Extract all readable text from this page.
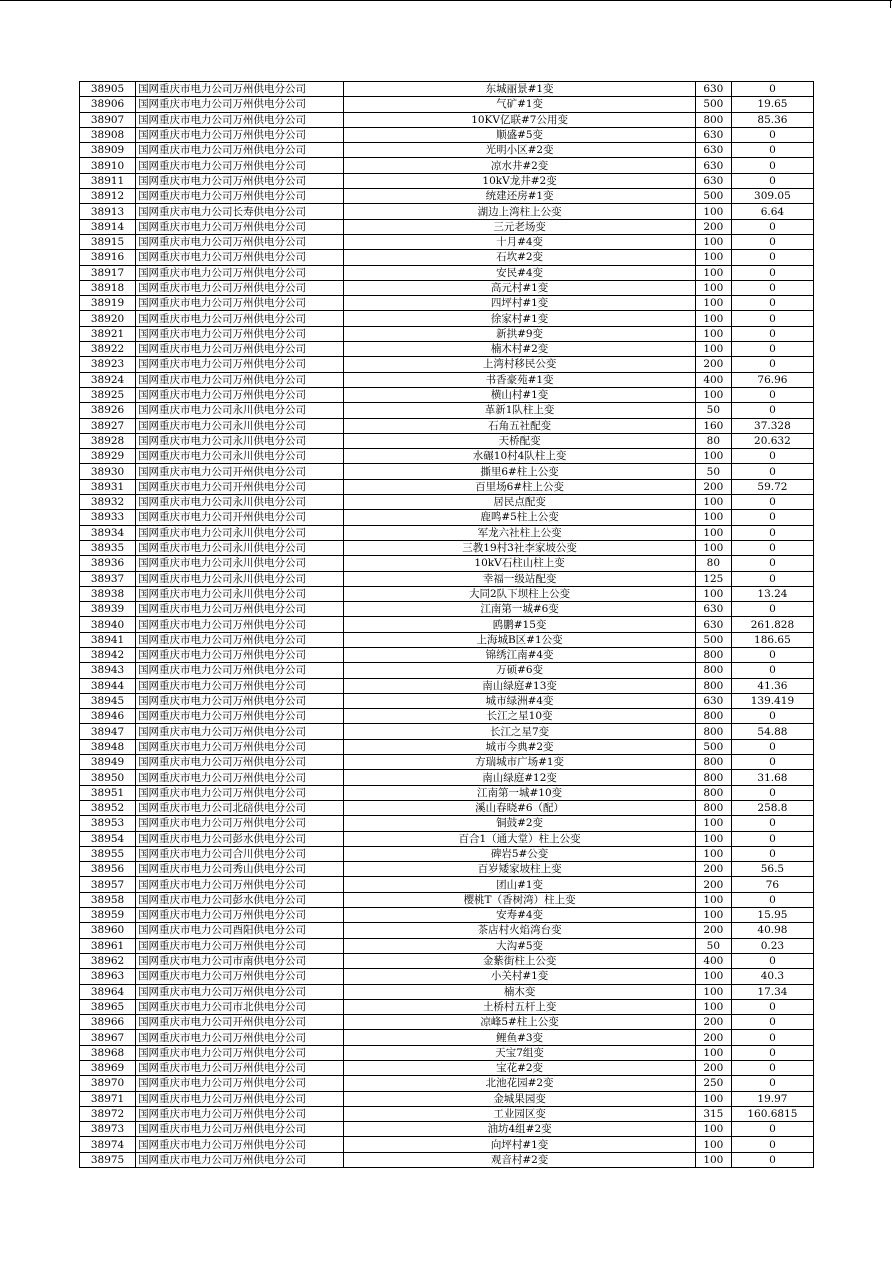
38905	国网重庆市电力公司万州供电分公司	东城丽景#1变	630	0
38906	国网重庆市电力公司万州供电分公司	气矿#1变	500	19.65
38907	国网重庆市电力公司万州供电分公司	10KV亿联#7公用变	800	85.36
38908	国网重庆市电力公司万州供电分公司	顺盛#5变	630	0
38909	国网重庆市电力公司万州供电分公司	光明小区#2变	630	0
38910	国网重庆市电力公司万州供电分公司	凉水井#2变	630	0
38911	国网重庆市电力公司万州供电分公司	10kV龙井#2变	630	0
38912	国网重庆市电力公司万州供电分公司	统建还房#1变	500	309.05
38913	国网重庆市电力公司长寿供电分公司	湖边上湾柱上公变	100	6.64
38914	国网重庆市电力公司万州供电分公司	三元老场变	200	0
38915	国网重庆市电力公司万州供电分公司	十月#4变	100	0
38916	国网重庆市电力公司万州供电分公司	石坎#2变	100	0
38917	国网重庆市电力公司万州供电分公司	安民#4变	100	0
38918	国网重庆市电力公司万州供电分公司	高元村#1变	100	0
38919	国网重庆市电力公司万州供电分公司	四坪村#1变	100	0
38920	国网重庆市电力公司万州供电分公司	徐家村#1变	100	0
38921	国网重庆市电力公司万州供电分公司	新拱#9变	100	0
38922	国网重庆市电力公司万州供电分公司	楠木村#2变	100	0
38923	国网重庆市电力公司万州供电分公司	上湾村移民公变	200	0
38924	国网重庆市电力公司万州供电分公司	书香豪苑#1变	400	76.96
38925	国网重庆市电力公司万州供电分公司	横山村#1变	100	0
38926	国网重庆市电力公司永川供电分公司	革新1队柱上变	50	0
38927	国网重庆市电力公司永川供电分公司	石角五社配变	160	37.328
38928	国网重庆市电力公司永川供电分公司	天桥配变	80	20.632
38929	国网重庆市电力公司永川供电分公司	水碾10村4队柱上变	100	0
38930	国网重庆市电力公司开州供电分公司	撕里6#柱上公变	50	0
38931	国网重庆市电力公司开州供电分公司	百里场6#柱上公变	200	59.72
38932	国网重庆市电力公司永川供电分公司	居民点配变	100	0
38933	国网重庆市电力公司开州供电分公司	鹿鸣#5柱上公变	100	0
38934	国网重庆市电力公司永川供电分公司	军龙六社柱上公变	100	0
38935	国网重庆市电力公司永川供电分公司	三教19村3社李家坡公变	100	0
38936	国网重庆市电力公司永川供电分公司	10kV石柱山柱上变	80	0
38937	国网重庆市电力公司永川供电分公司	幸福一级站配变	125	0
38938	国网重庆市电力公司永川供电分公司	大同2队下坝柱上公变	100	13.24
38939	国网重庆市电力公司万州供电分公司	江南第一城#6变	630	0
38940	国网重庆市电力公司万州供电分公司	鸥鹏#15变	630	261.828
38941	国网重庆市电力公司万州供电分公司	上海城B区#1公变	500	186.65
38942	国网重庆市电力公司万州供电分公司	锦绣江南#4变	800	0
38943	国网重庆市电力公司万州供电分公司	万硕#6变	800	0
38944	国网重庆市电力公司万州供电分公司	南山绿庭#13变	800	41.36
38945	国网重庆市电力公司万州供电分公司	城市绿洲#4变	630	139.419
38946	国网重庆市电力公司万州供电分公司	长江之星10变	800	0
38947	国网重庆市电力公司万州供电分公司	长江之星7变	800	54.88
38948	国网重庆市电力公司万州供电分公司	城市今典#2变	500	0
38949	国网重庆市电力公司万州供电分公司	方瑞城市广场#1变	800	0
38950	国网重庆市电力公司万州供电分公司	南山绿庭#12变	800	31.68
38951	国网重庆市电力公司万州供电分公司	江南第一城#10变	800	0
38952	国网重庆市电力公司北碚供电分公司	溪山春晓#6（配）	800	258.8
38953	国网重庆市电力公司万州供电分公司	铜鼓#2变	100	0
38954	国网重庆市电力公司彭水供电分公司	百合1（通大堂）柱上公变	100	0
38955	国网重庆市电力公司合川供电分公司	碑岩5#公变	100	0
38956	国网重庆市电力公司秀山供电分公司	百岁矮家坡柱上变	200	56.5
38957	国网重庆市电力公司万州供电分公司	团山#1变	200	76
38958	国网重庆市电力公司彭水供电分公司	樱桃T（香树湾）柱上变	100	0
38959	国网重庆市电力公司万州供电分公司	安寿#4变	100	15.95
38960	国网重庆市电力公司酉阳供电分公司	茶店村火焰湾台变	200	40.98
38961	国网重庆市电力公司万州供电分公司	大沟#5变	50	0.23
38962	国网重庆市电力公司市南供电分公司	金紫街柱上公变	400	0
38963	国网重庆市电力公司万州供电分公司	小关村#1变	100	40.3
38964	国网重庆市电力公司万州供电分公司	楠木变	100	17.34
38965	国网重庆市电力公司市北供电分公司	土桥村五杆上变	100	0
38966	国网重庆市电力公司开州供电分公司	凉峰5#柱上公变	200	0
38967	国网重庆市电力公司万州供电分公司	鲤鱼#3变	200	0
38968	国网重庆市电力公司万州供电分公司	天宝7组变	100	0
38969	国网重庆市电力公司万州供电分公司	宝花#2变	200	0
38970	国网重庆市电力公司万州供电分公司	北池花园#2变	250	0
38971	国网重庆市电力公司万州供电分公司	金城果园变	100	19.97
38972	国网重庆市电力公司万州供电分公司	工业园区变	315	160.6815
38973	国网重庆市电力公司万州供电分公司	油坊4组#2变	100	0
38974	国网重庆市电力公司万州供电分公司	向坪村#1变	100	0
38975	国网重庆市电力公司万州供电分公司	观音村#2变	100	0
